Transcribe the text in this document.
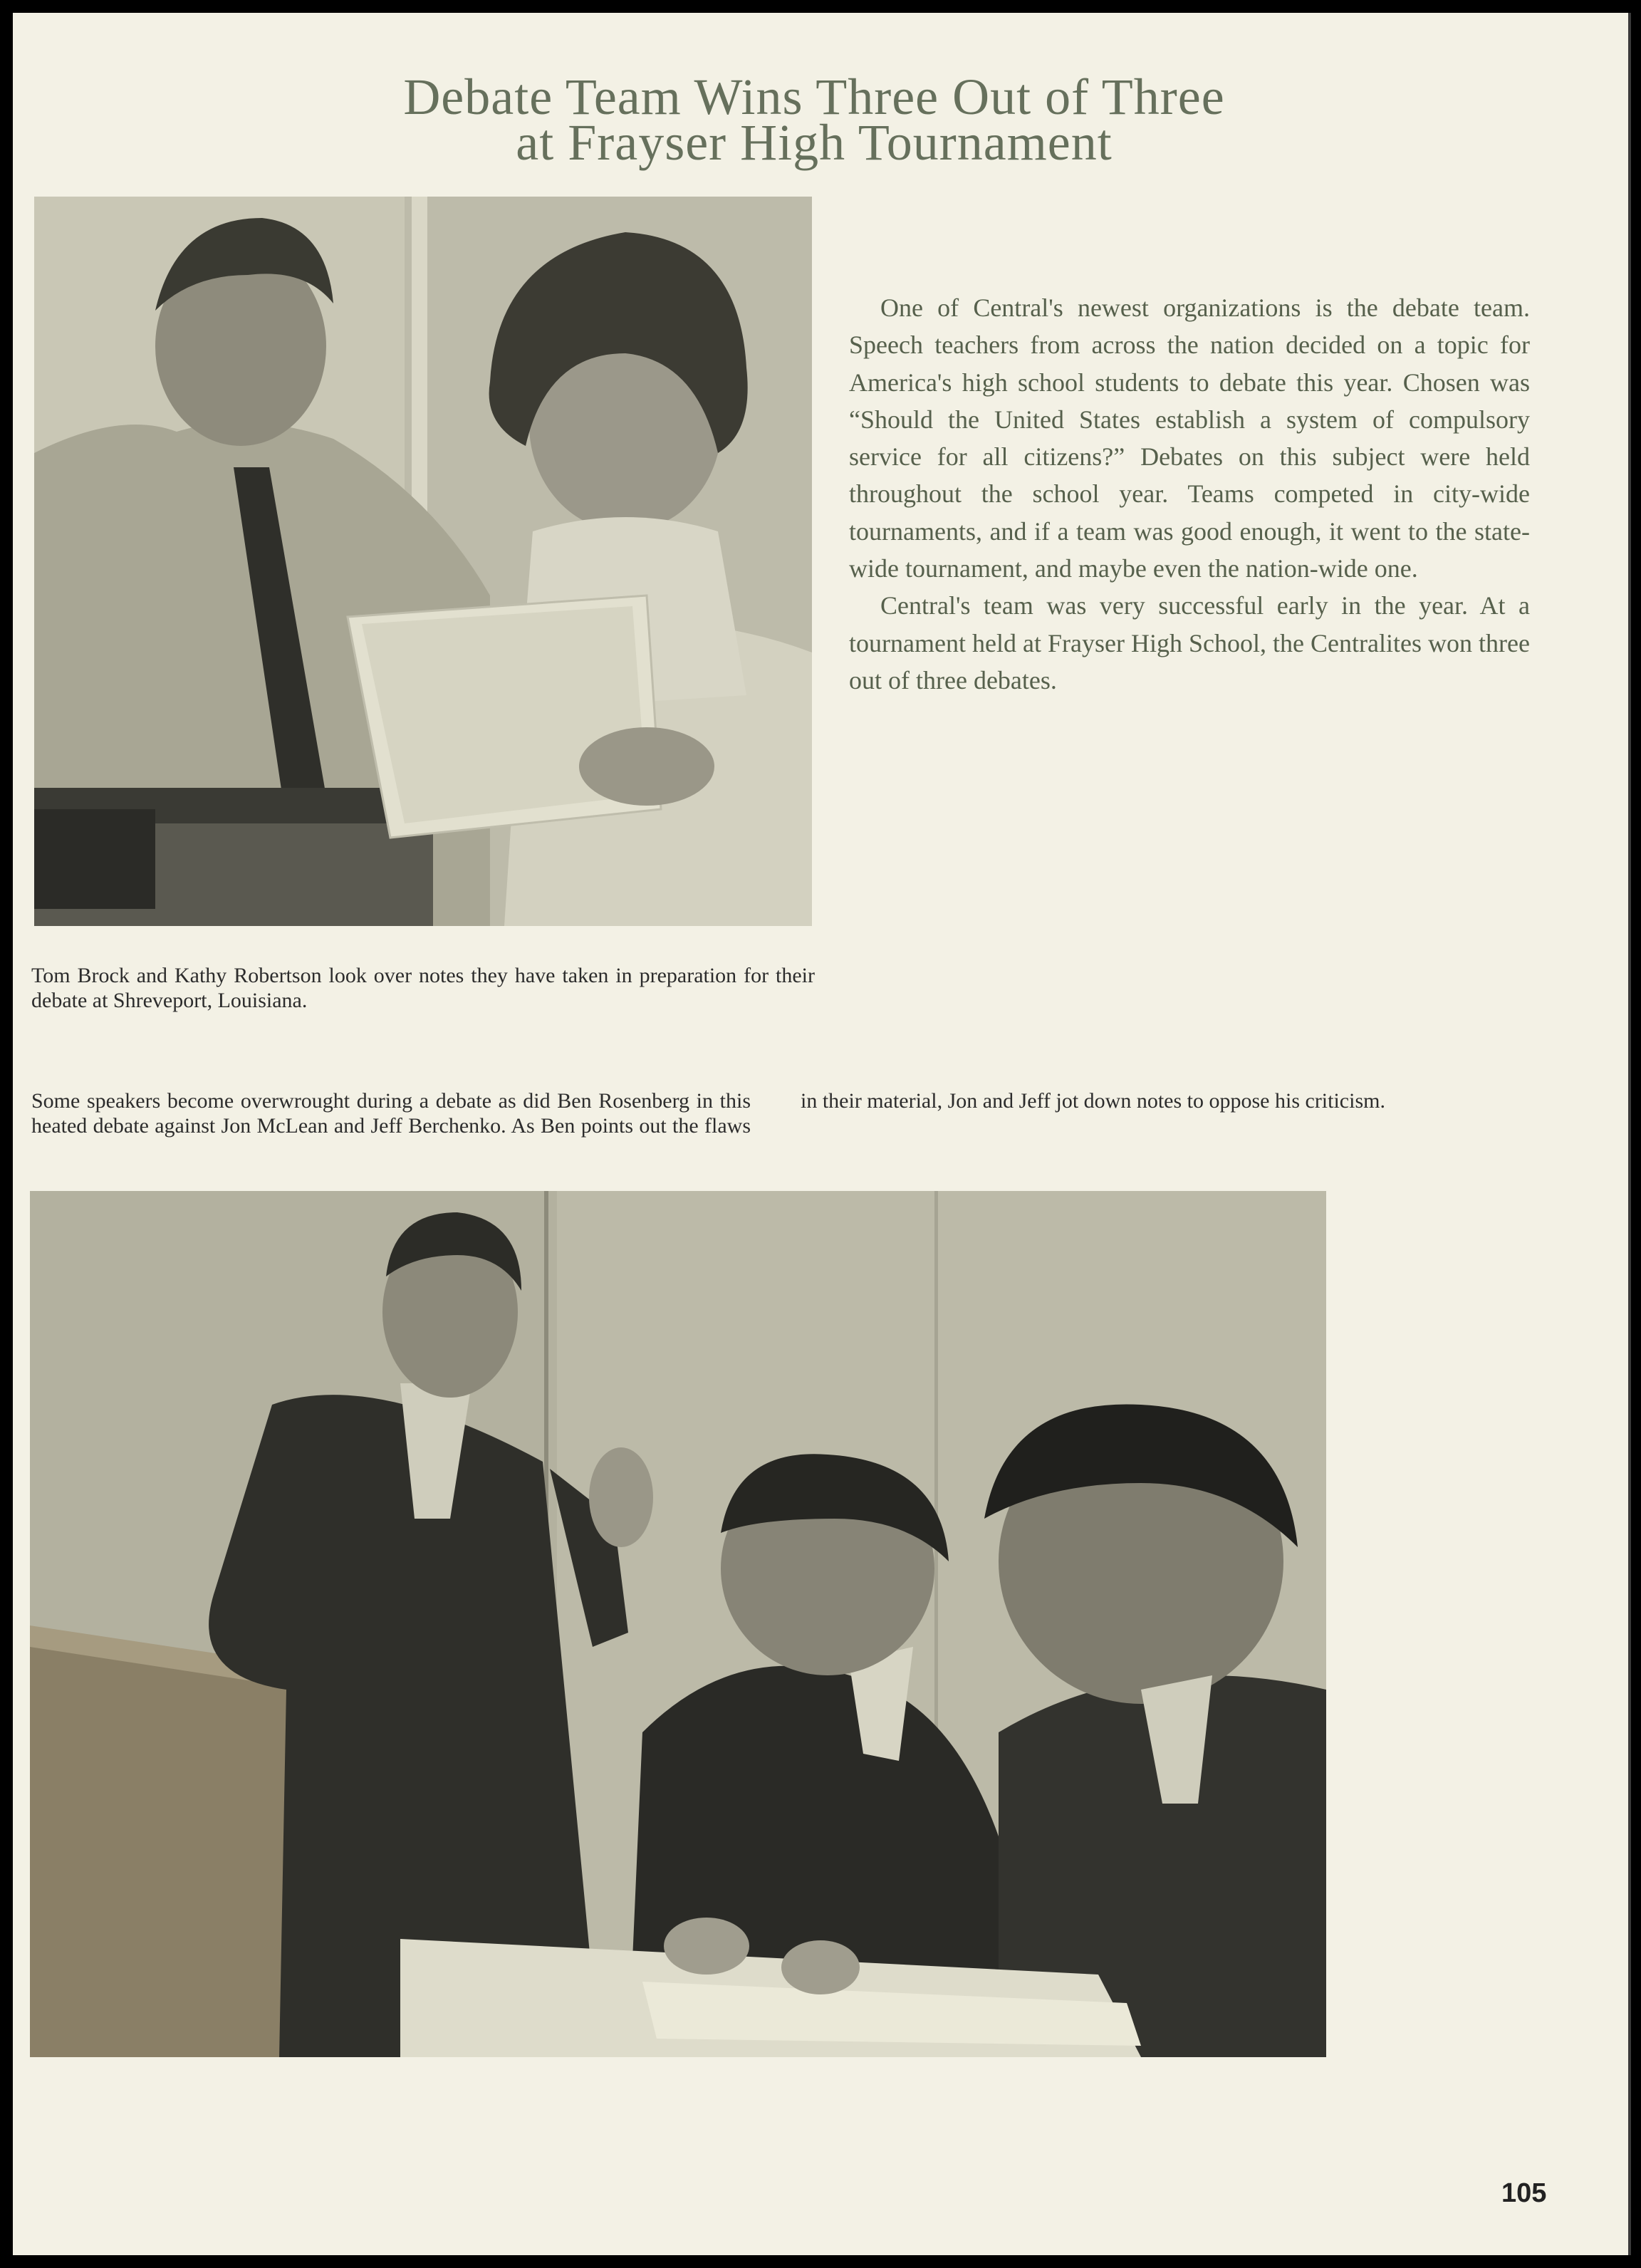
Debate Team Wins Three Out of Three
at Frayser High Tournament

One of Central's newest organizations is the debate team. Speech teachers from across the nation decided on a topic for America's high school students to debate this year. Chosen was “Should the United States establish a system of compulsory service for all citizens?” Debates on this subject were held throughout the school year. Teams competed in city-wide tournaments, and if a team was good enough, it went to the state-wide tournament, and maybe even the nation-wide one.

Central's team was very successful early in the year. At a tournament held at Frayser High School, the Centralites won three out of three debates.

Tom Brock and Kathy Robertson look over notes they have taken in preparation for their debate at Shreveport, Louisiana.
Some speakers become overwrought during a debate as did Ben Rosenberg in this heated debate against Jon McLean and Jeff Berchenko. As Ben points out the flaws in their material, Jon and Jeff jot down notes to oppose his criticism.
105
